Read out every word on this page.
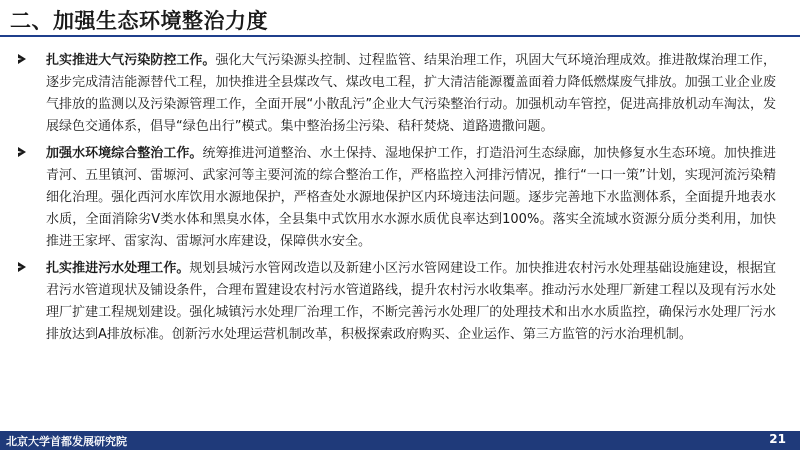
二、加强生态环境整治力度
扎实推进大气污染防控工作。强化大气污染源头控制、过程监管、结果治理工作，巩固大气环境治理成效。推进散煤治理工作，逐步完成清洁能源替代工程，加快推进全县煤改气、煤改电工程，扩大清洁能源覆盖面着力降低燃煤废气排放。加强工业企业废气排放的监测以及污染源管理工作，全面开展“小散乱污”企业大气污染整治行动。加强机动车管控，促进高排放机动车淘汰，发展绿色交通体系，倡导“绿色出行”模式。集中整治扬尘污染、秸秆焚烧、道路遗撒问题。
加强水环境综合整治工作。统筹推进河道整治、水土保持、湿地保护工作，打造沿河生态绿廊，加快修复水生态环境。加快推进青河、五里镇河、雷塬河、武家河等主要河流的综合整治工作，严格监控入河排污情况，推行“一口一策”计划，实现河流污染精细化治理。强化西河水库饮用水源地保护，严格查处水源地保护区内环境违法问题。逐步完善地下水监测体系，全面提升地表水水质，全面消除劣V类水体和黑臭水体，全县集中式饮用水水源水质优良率达到100%。落实全流域水资源分质分类利用，加快推进王家坪、雷家沟、雷塬河水库建设，保障供水安全。
扎实推进污水处理工作。规划县城污水管网改造以及新建小区污水管网建设工作。加快推进农村污水处理基础设施建设，根据宜君污水管道现状及铺设条件，合理布置建设农村污水管道路线，提升农村污水收集率。推动污水处理厂新建工程以及现有污水处理厂扩建工程规划建设。强化城镇污水处理厂治理工作，不断完善污水处理厂的处理技术和出水水质监控，确保污水处理厂污水排放达到A排放标准。创新污水处理运营机制改革，积极探索政府购买、企业运作、第三方监管的污水治理机制。
北京大学首都发展研究院	21
